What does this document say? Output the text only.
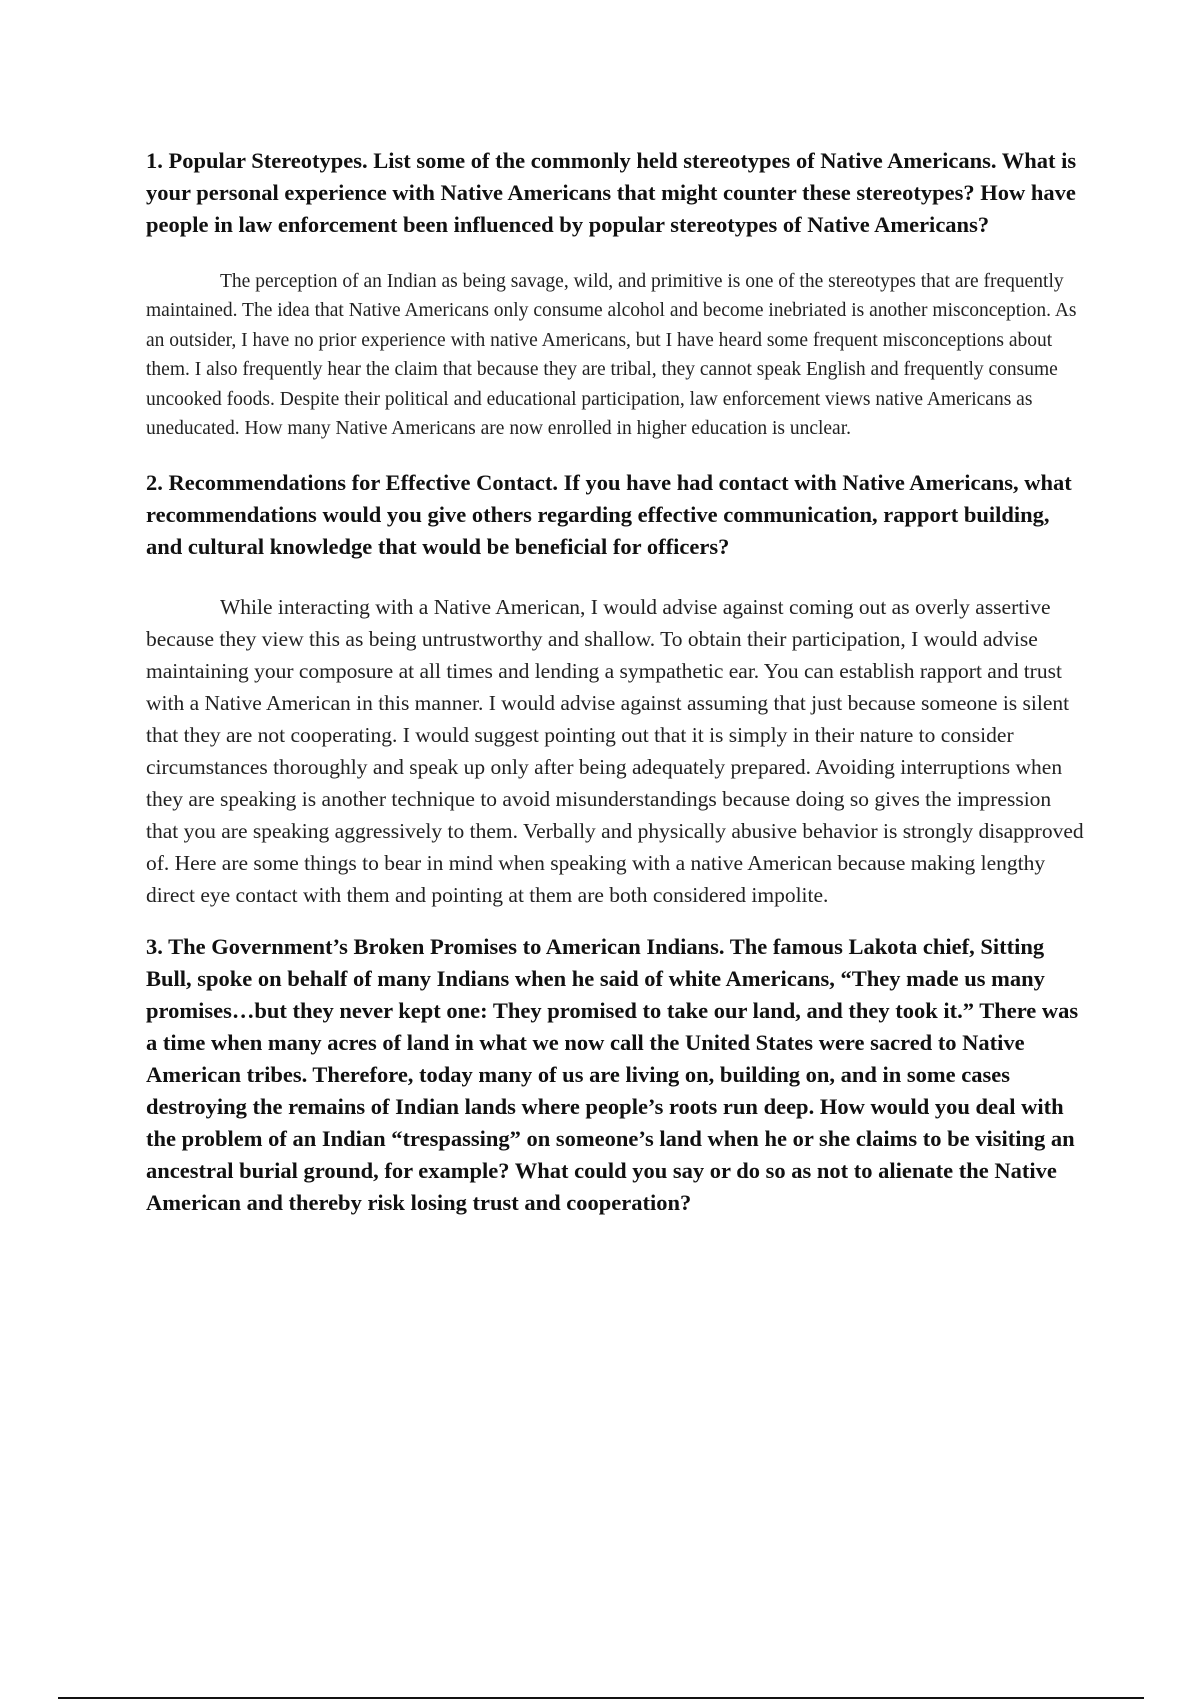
1. Popular Stereotypes. List some of the commonly held stereotypes of Native Americans. What is your personal experience with Native Americans that might counter these stereotypes? How have people in law enforcement been influenced by popular stereotypes of Native Americans?

The perception of an Indian as being savage, wild, and primitive is one of the stereotypes that are frequently maintained. The idea that Native Americans only consume alcohol and become inebriated is another misconception. As an outsider, I have no prior experience with native Americans, but I have heard some frequent misconceptions about them. I also frequently hear the claim that because they are tribal, they cannot speak English and frequently consume uncooked foods. Despite their political and educational participation, law enforcement views native Americans as uneducated. How many Native Americans are now enrolled in higher education is unclear.

2. Recommendations for Effective Contact. If you have had contact with Native Americans, what recommendations would you give others regarding effective communication, rapport building, and cultural knowledge that would be beneficial for officers?

While interacting with a Native American, I would advise against coming out as overly assertive because they view this as being untrustworthy and shallow. To obtain their participation, I would advise maintaining your composure at all times and lending a sympathetic ear. You can establish rapport and trust with a Native American in this manner. I would advise against assuming that just because someone is silent that they are not cooperating. I would suggest pointing out that it is simply in their nature to consider circumstances thoroughly and speak up only after being adequately prepared. Avoiding interruptions when they are speaking is another technique to avoid misunderstandings because doing so gives the impression that you are speaking aggressively to them. Verbally and physically abusive behavior is strongly disapproved of. Here are some things to bear in mind when speaking with a native American because making lengthy direct eye contact with them and pointing at them are both considered impolite.

3. The Government’s Broken Promises to American Indians. The famous Lakota chief, Sitting Bull, spoke on behalf of many Indians when he said of white Americans, “They made us many promises…but they never kept one: They promised to take our land, and they took it.” There was a time when many acres of land in what we now call the United States were sacred to Native American tribes. Therefore, today many of us are living on, building on, and in some cases destroying the remains of Indian lands where people’s roots run deep. How would you deal with the problem of an Indian “trespassing” on someone’s land when he or she claims to be visiting an ancestral burial ground, for example? What could you say or do so as not to alienate the Native American and thereby risk losing trust and cooperation?
